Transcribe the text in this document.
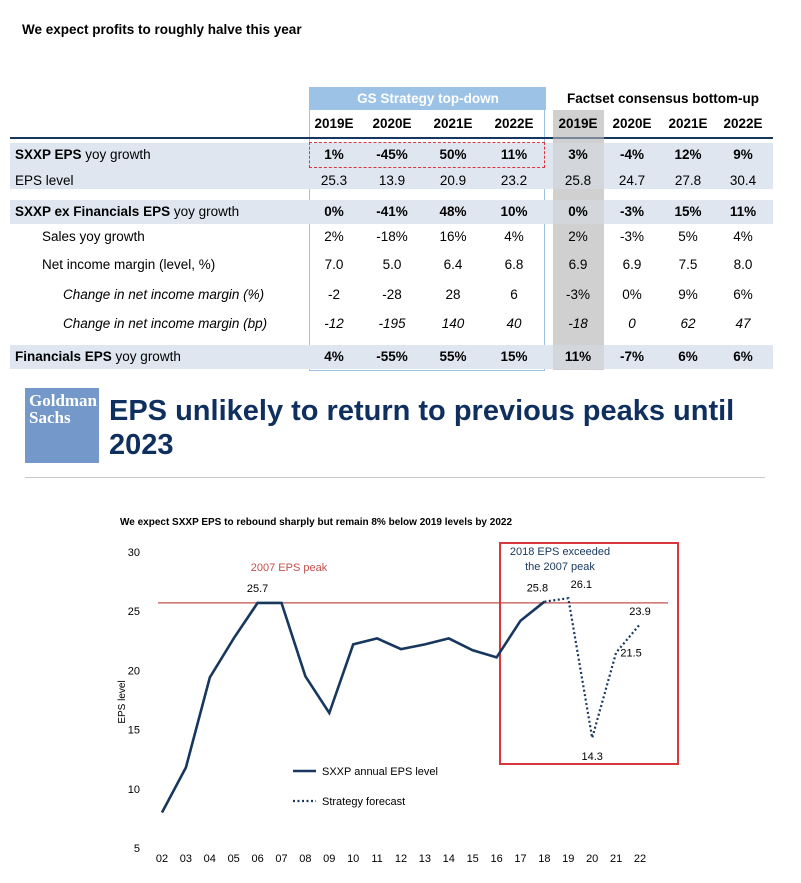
We expect profits to roughly halve this year
GS Strategy top-down	Factset consensus bottom-up
2019E	2020E	2021E	2022E	2019E	2020E	2021E	2022E
SXXP EPS yoy growth	1%	-45%	50%	11%	3%	-4%	12%	9%
EPS level	25.3	13.9	20.9	23.2	25.8	24.7	27.8	30.4
SXXP ex Financials EPS yoy growth	0%	-41%	48%	10%	0%	-3%	15%	11%
Sales yoy growth	2%	-18%	16%	4%	2%	-3%	5%	4%
Net income margin (level, %)	7.0	5.0	6.4	6.8	6.9	6.9	7.5	8.0
Change in net income margin (%)	-2	-28	28	6	-3%	0%	9%	6%
Change in net income margin (bp)	-12	-195	140	40	-18	0	62	47
Financials EPS yoy growth	4%	-55%	55%	15%	11%	-7%	6%	6%
Goldman
Sachs EPS unlikely to return to previous peaks until 2023
We expect SXXP EPS to rebound sharply but remain 8% below 2019 levels by 2022
5
10
15
20
25
30
02 03 04 05 06 07 08 09 10 11 12 13 14 15 16 17 18 19 20 21 22
EPS level
2007 EPS peak
2018 EPS exceeded
the 2007 peak
25.7	25.8 26.1
14.3
21.5
23.9
SXXP annual EPS level
Strategy forecast
